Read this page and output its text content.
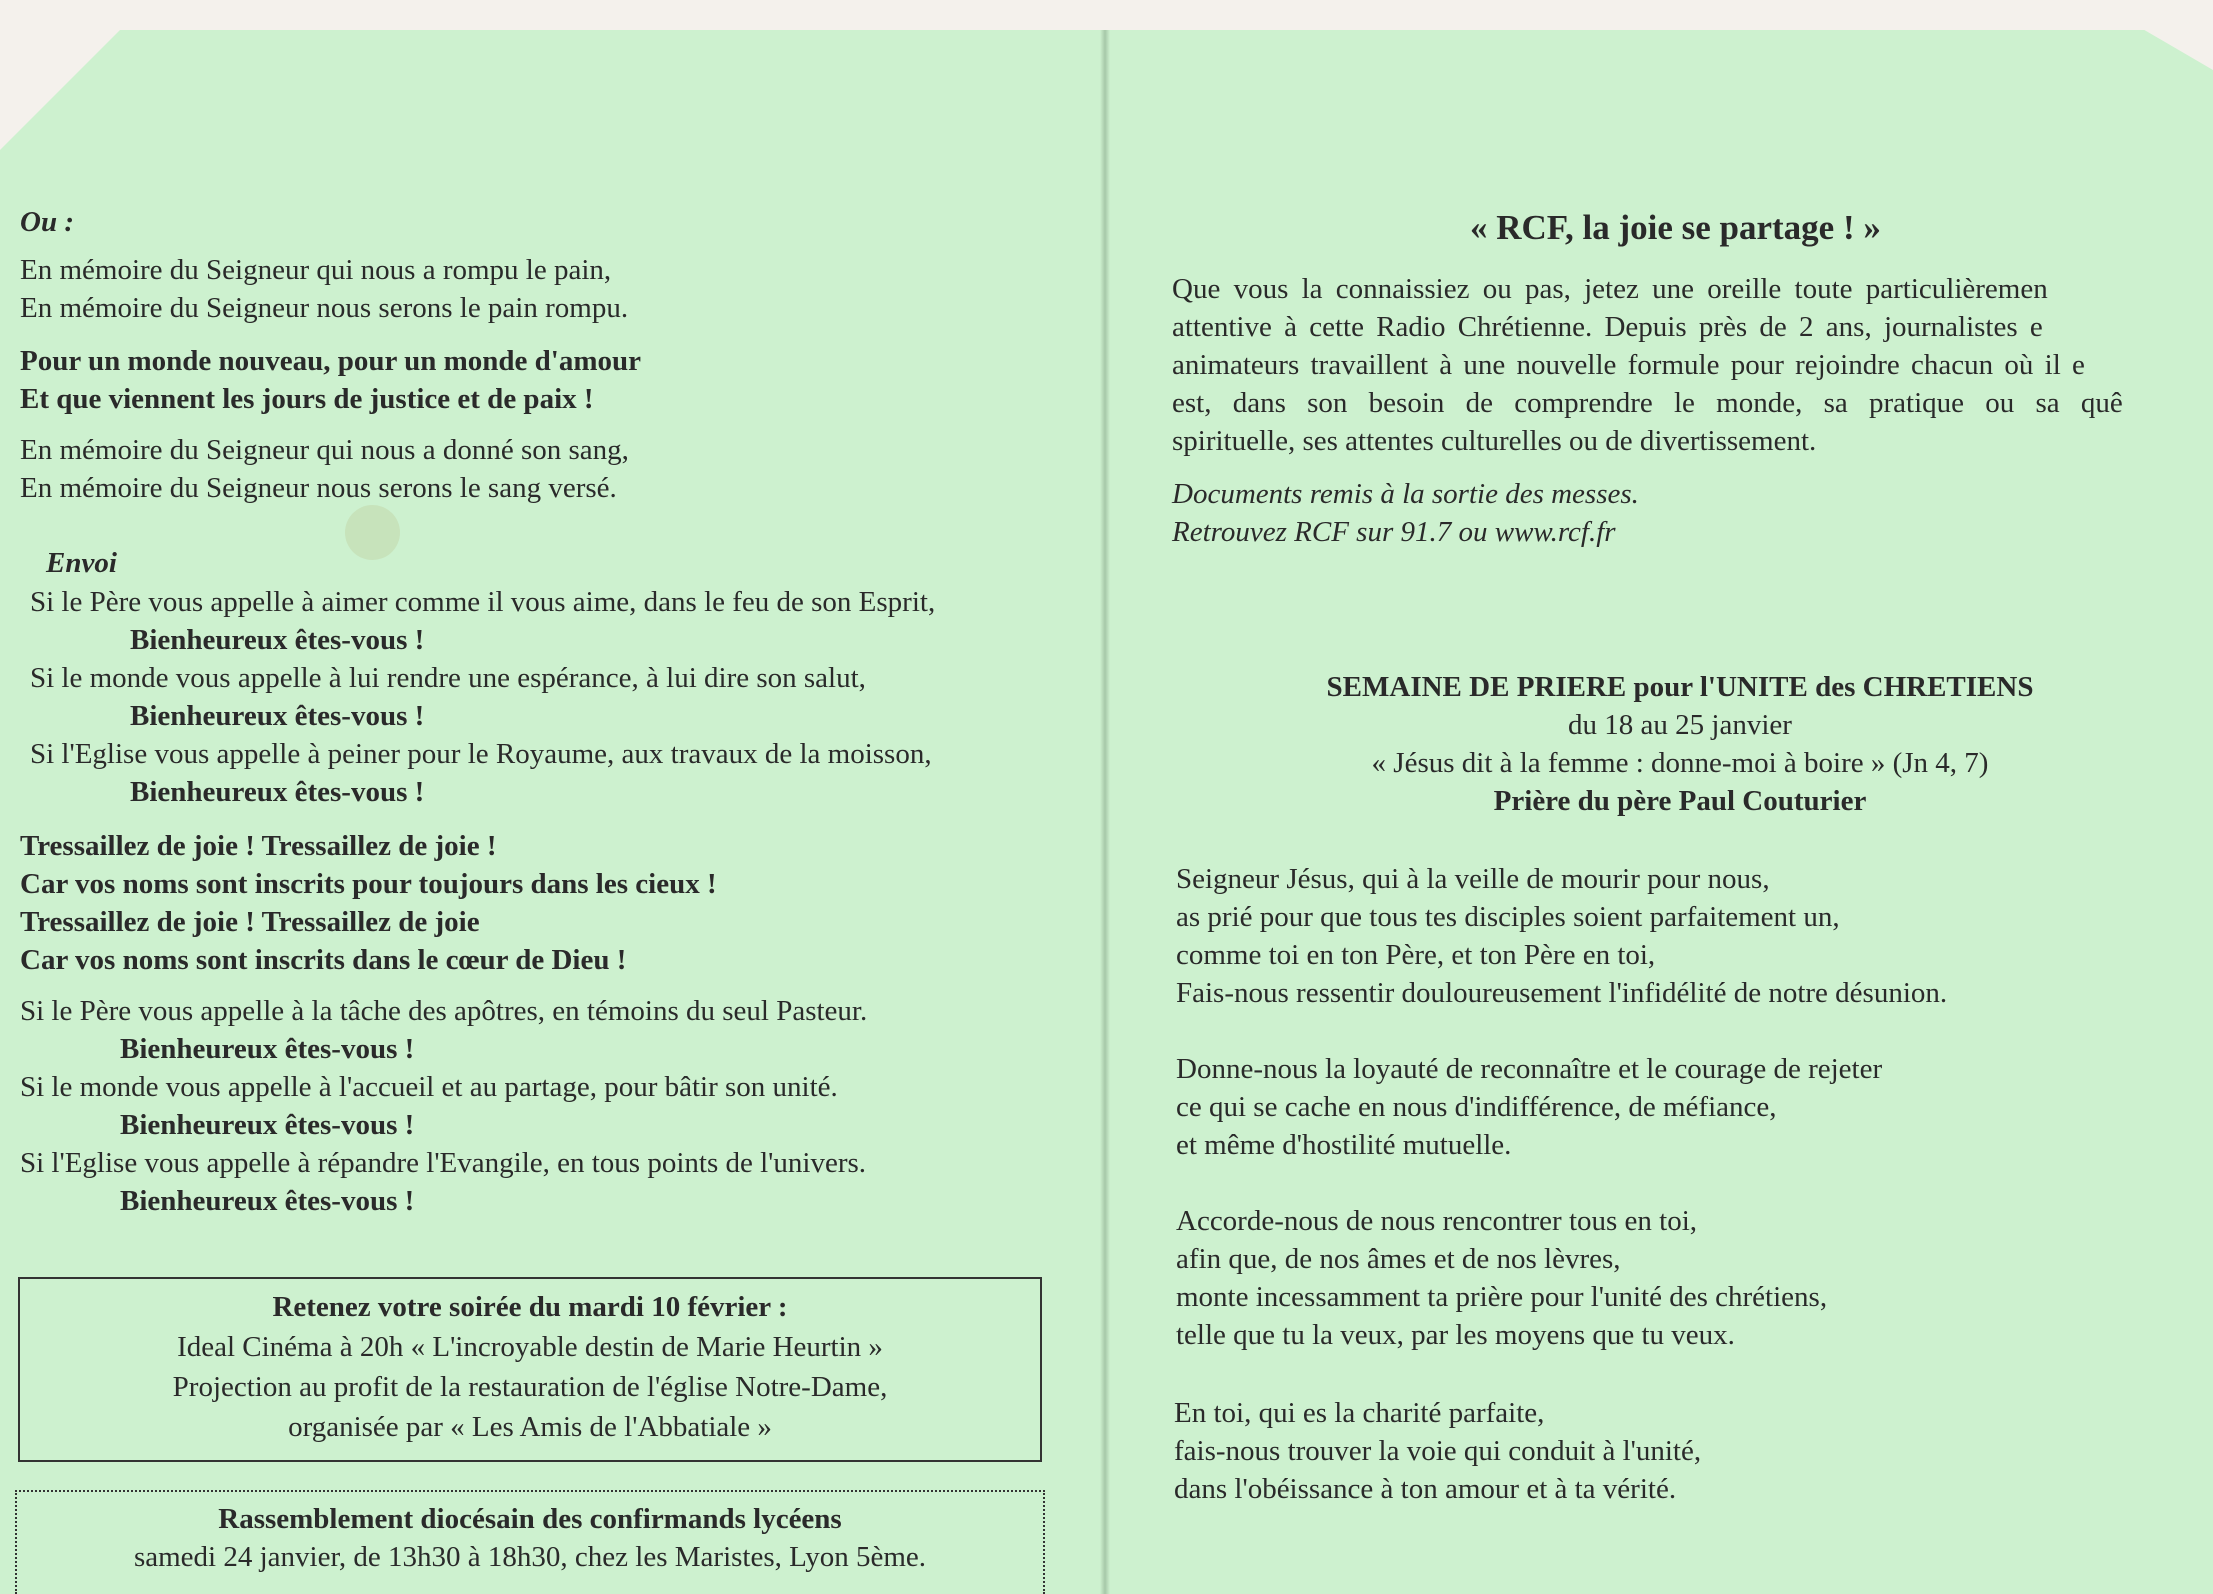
Ou :

En mémoire du Seigneur qui nous a rompu le pain,

En mémoire du Seigneur nous serons le pain rompu.

Pour un monde nouveau, pour un monde d'amour

Et que viennent les jours de justice et de paix !

En mémoire du Seigneur qui nous a donné son sang,

En mémoire du Seigneur nous serons le sang versé.

Envoi

Si le Père vous appelle à aimer comme il vous aime, dans le feu de son Esprit,

Bienheureux êtes-vous !

Si le monde vous appelle à lui rendre une espérance, à lui dire son salut,

Bienheureux êtes-vous !

Si l'Eglise vous appelle à peiner pour le Royaume, aux travaux de la moisson,

Bienheureux êtes-vous !

Tressaillez de joie ! Tressaillez de joie !

Car vos noms sont inscrits pour toujours dans les cieux !

Tressaillez de joie ! Tressaillez de joie

Car vos noms sont inscrits dans le cœur de Dieu !

Si le Père vous appelle à la tâche des apôtres, en témoins du seul Pasteur.

Bienheureux êtes-vous !

Si le monde vous appelle à l'accueil et au partage, pour bâtir son unité.

Bienheureux êtes-vous !

Si l'Eglise vous appelle à répandre l'Evangile, en tous points de l'univers.

Bienheureux êtes-vous !

Retenez votre soirée du mardi 10 février :
Ideal Cinéma à 20h « L'incroyable destin de Marie Heurtin »
Projection au profit de la restauration de l'église Notre-Dame,
organisée par « Les Amis de l'Abbatiale »
Rassemblement diocésain des confirmands lycéens
samedi 24 janvier, de 13h30 à 18h30, chez les Maristes, Lyon 5ème.

« RCF, la joie se partage ! »

Que vous la connaissiez ou pas, jetez une oreille toute particulièremen

attentive à cette Radio Chrétienne. Depuis près de 2 ans, journalistes e

animateurs travaillent à une nouvelle formule pour rejoindre chacun où il e

est, dans son besoin de comprendre le monde, sa pratique ou sa quê

spirituelle, ses attentes culturelles ou de divertissement.

Documents remis à la sortie des messes.

Retrouvez RCF sur 91.7 ou www.rcf.fr

SEMAINE DE PRIERE pour l'UNITE des CHRETIENS

du 18 au 25 janvier

« Jésus dit à la femme : donne-moi à boire » (Jn 4, 7)

Prière du père Paul Couturier

Seigneur Jésus, qui à la veille de mourir pour nous,

as prié pour que tous tes disciples soient parfaitement un,

comme toi en ton Père, et ton Père en toi,

Fais-nous ressentir douloureusement l'infidélité de notre désunion.

Donne-nous la loyauté de reconnaître et le courage de rejeter

ce qui se cache en nous d'indifférence, de méfiance,

et même d'hostilité mutuelle.

Accorde-nous de nous rencontrer tous en toi,

afin que, de nos âmes et de nos lèvres,

monte incessamment ta prière pour l'unité des chrétiens,

telle que tu la veux, par les moyens que tu veux.

En toi, qui es la charité parfaite,

fais-nous trouver la voie qui conduit à l'unité,

dans l'obéissance à ton amour et à ta vérité.
